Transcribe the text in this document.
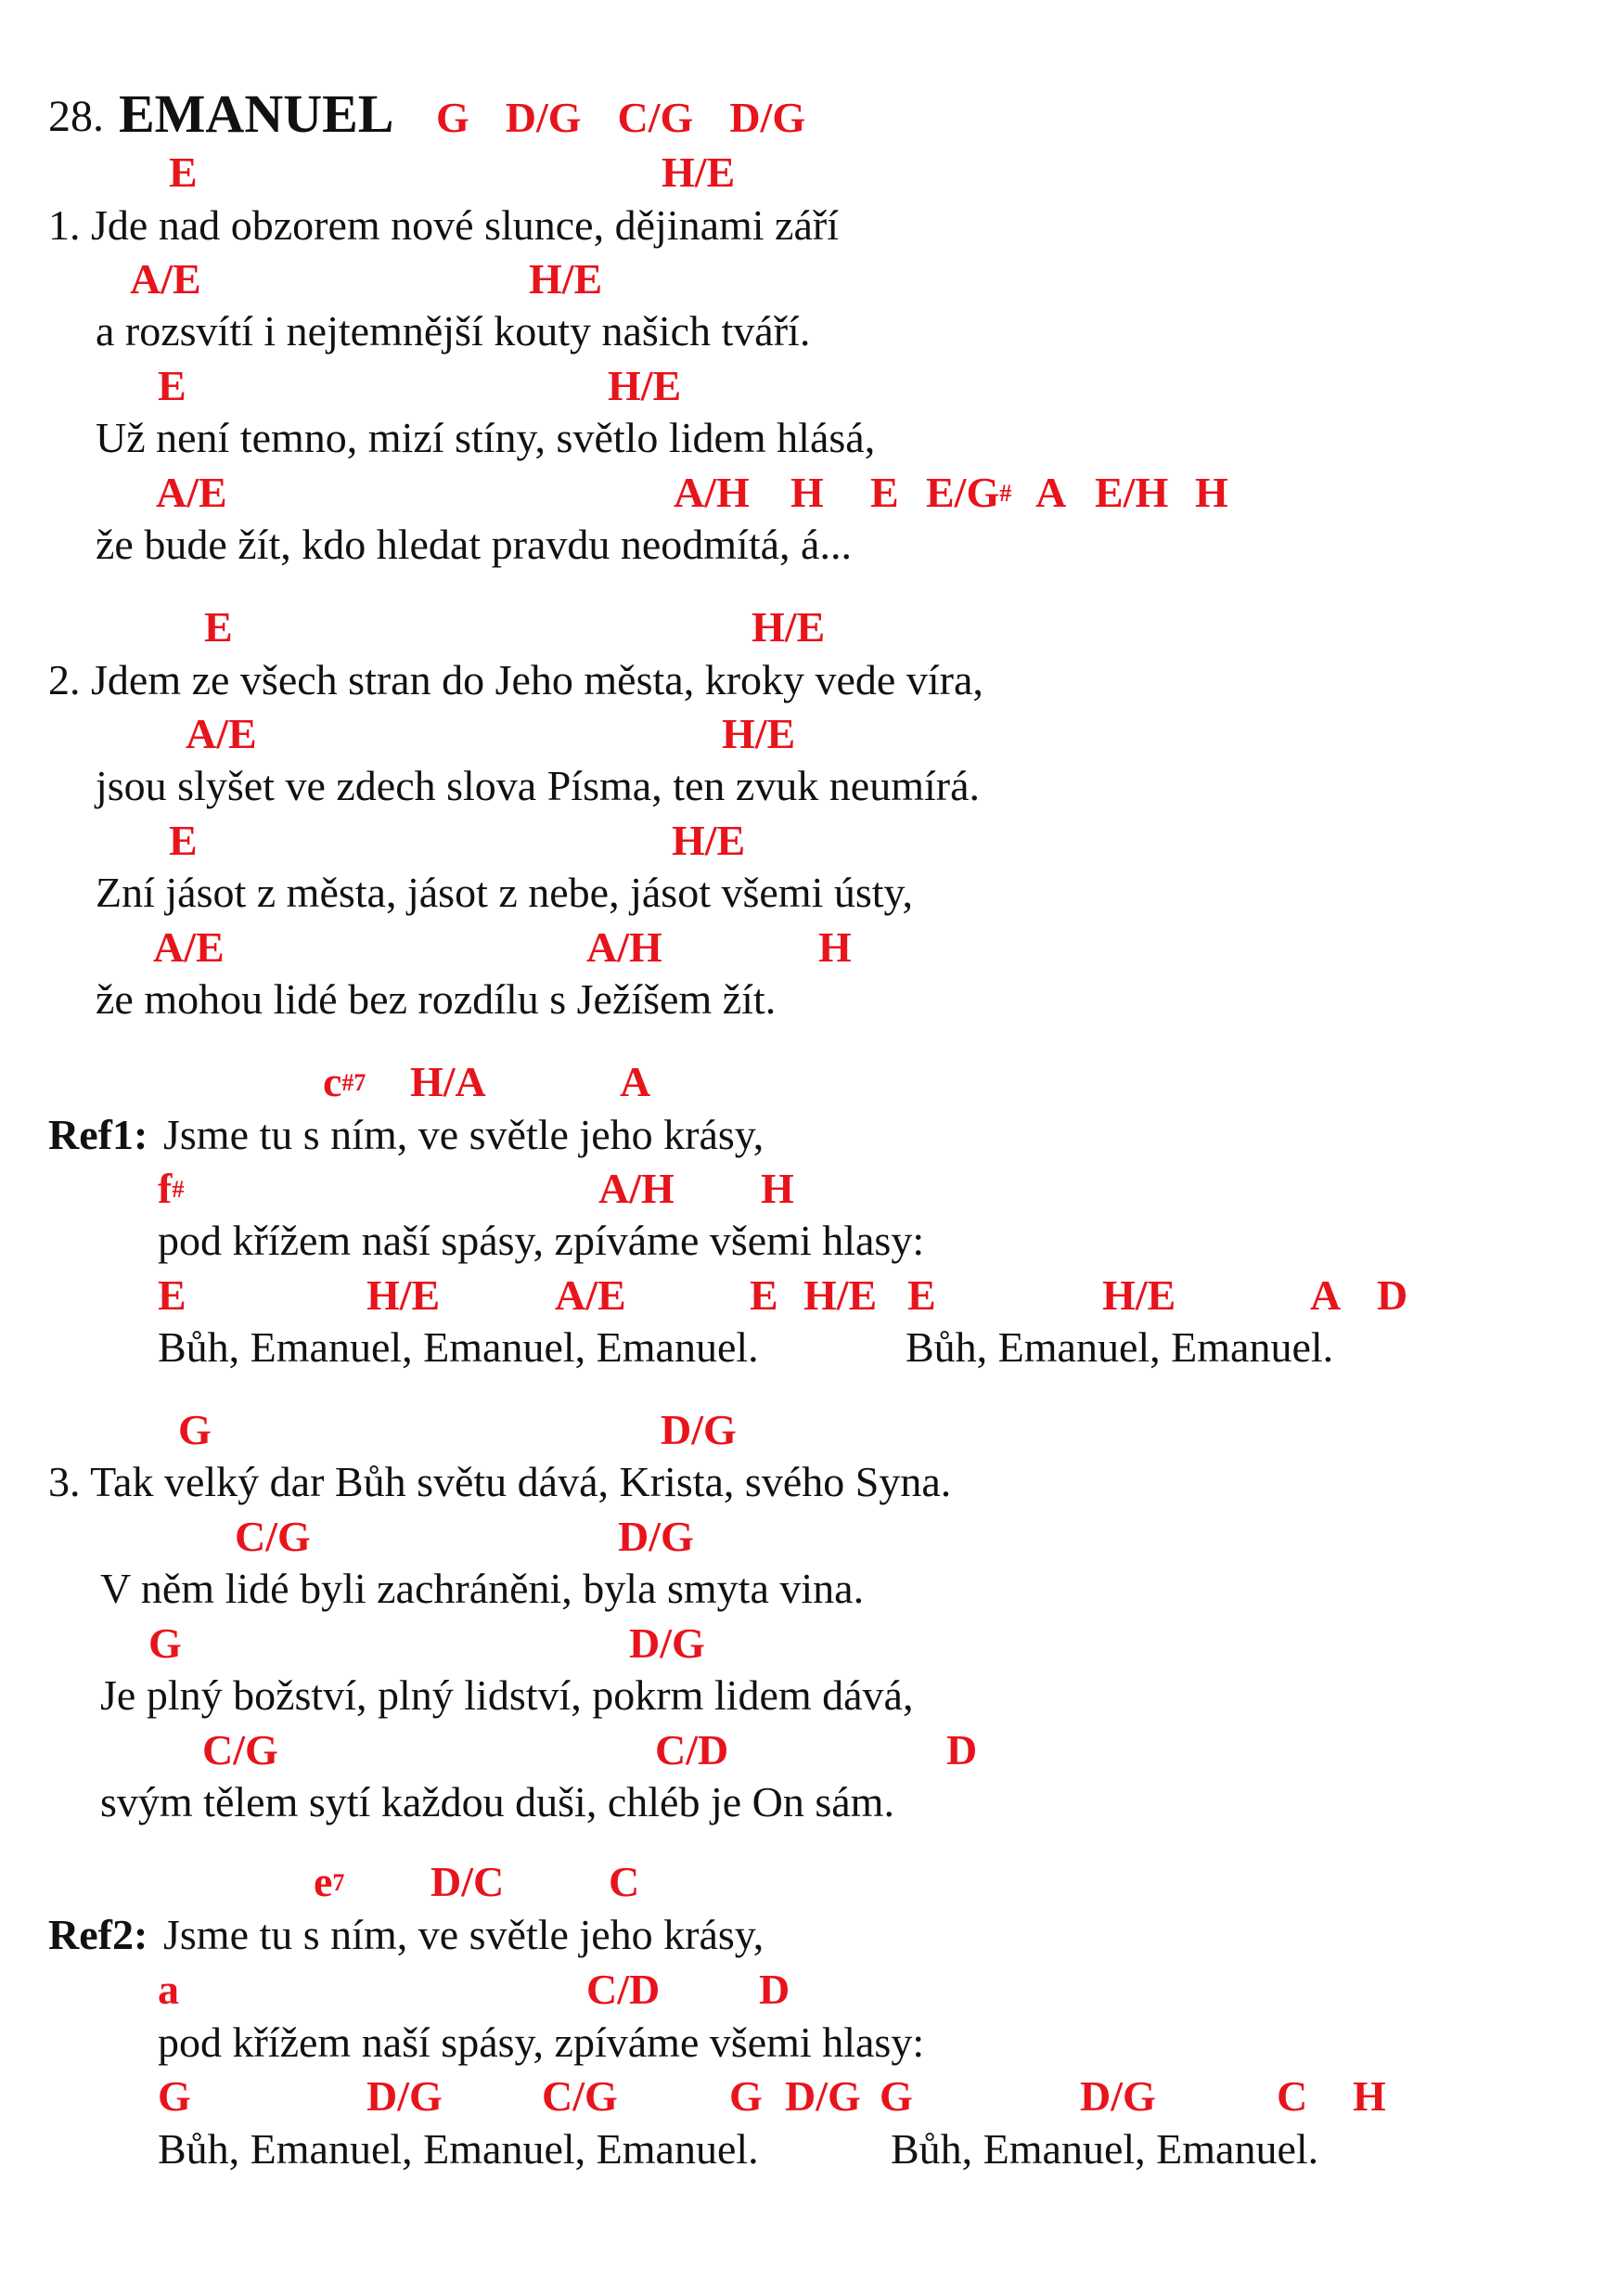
28. EMANUEL G  D/G  C/G  D/G
E	H/E
1. Jde nad obzorem nové slunce, dějinami září
A/E	H/E
a rozsvítí i nejtemnější kouty našich tváří.
E	H/E
Už není temno, mizí stíny, světlo lidem hlásá,
A/E	A/H H E E/G# A E/H H
že bude žít, kdo hledat pravdu neodmítá, á...
E	H/E
2. Jdem ze všech stran do Jeho města, kroky vede víra,
A/E	H/E
jsou slyšet ve zdech slova Písma, ten zvuk neumírá.
E	H/E
Zní jásot z města, jásot z nebe, jásot všemi ústy,
A/E	A/H	H
že mohou lidé bez rozdílu s Ježíšem žít.
$c^{\#7}$ H/A	A
Ref1: Jsme tu s ním, ve světle jeho krásy,
f#	A/H H
pod křížem naší spásy, zpíváme všemi hlasy:
E	H/E	A/E	E H/E E	H/E	A D
Bůh, Emanuel, Emanuel, Emanuel.	Bůh, Emanuel, Emanuel.
G	D/G
3. Tak velký dar Bůh světu dává, Krista, svého Syna.
C/G	D/G
V něm lidé byli zachráněni, byla smyta vina.
G	D/G
Je plný božství, plný lidství, pokrm lidem dává,
C/G	C/D	D
svým tělem sytí každou duši, chléb je On sám.
$e^7$ D/C C
Ref2: Jsme tu s ním, ve světle jeho krásy,
a	C/D D
pod křížem naší spásy, zpíváme všemi hlasy:
G	D/G C/G	G D/G G	D/G	C H
Bůh, Emanuel, Emanuel, Emanuel.	Bůh, Emanuel, Emanuel.
